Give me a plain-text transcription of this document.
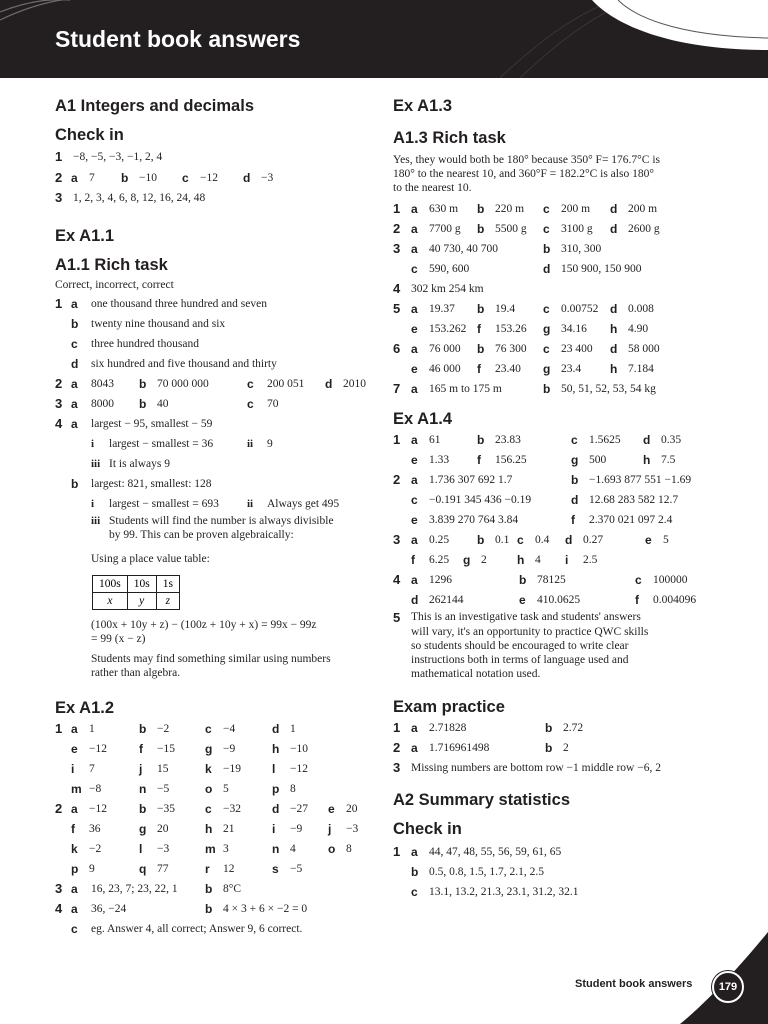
Student book answers
A1 Integers and decimals
Check in
1 −8, −5, −3, −1, 2, 4
2 a 7 b −10 c −12 d −3
3 1, 2, 3, 4, 6, 8, 12, 16, 24, 48
Ex A1.1
A1.1 Rich task
Correct, incorrect, correct
1 a one thousand three hundred and seven
b twenty nine thousand and six
c three hundred thousand
d six hundred and five thousand and thirty
2 a 8043 b 70 000 000	c 200 051 d 2010
3 a 8000 b 40	c 70
4 a largest − 95, smallest − 59
i largest − smallest = 36	ii 9
iii It is always 9
b largest: 821, smallest: 128
i largest − smallest = 693	ii Always get 495
iii Students will find the number is always divisible
by 99. This can be proven algebraically:
Using a place value table:
100s	10s	1s
x	y	z
(100x + 10y + z) − (100z + 10y + x) = 99x − 99z
= 99 (x − z)
Students may find something similar using numbers
rather than algebra.
Ex A1.2
1 a 1	b −2	c −4	d 1
e −12	f −15	g −9	h −10
i 7	j 15	k −19	l −12
m −8	n −5	o 5	p 8
2 a −12	b −35	c −32	d −27 e 20
f 36	g 20	h 21	i −9 j −3
k −2	l −3	m 3	n 4	o 8
p 9	q 77	r 12	s −5
3 a 16, 23, 7; 23, 22, 1 b 8°C
4 a 36, −24	b 4 × 3 + 6 × −2 = 0
c eg. Answer 4, all correct; Answer 9, 6 correct.
Ex A1.3
A1.3 Rich task
Yes, they would both be 180° because 350° F= 176.7°C is
180° to the nearest 10, and 360°F = 182.2°C is also 180°
to the nearest 10.
1 a 630 m b 220 m c 200 m d 200 m
2 a 7700 g b 5500 g c 3100 g d 2600 g
3 a 40 730, 40 700	b 310, 300
c 590, 600	d 150 900, 150 900
4 302 km 254 km
5 a 19.37 b 19.4 c 0.00752 d 0.008
e 153.262 f 153.26 g 34.16 h 4.90
6 a 76 000 b 76 300 c 23 400 d 58 000
e 46 000 f 23.40 g 23.4 h 7.184
7 a 165 m to 175 m	b 50, 51, 52, 53, 54 kg
Ex A1.4
1 a 61	b 23.83	c 1.5625 d 0.35
e 1.33 f 156.25	g 500	h 7.5
2 a 1.736 307 692 1.7	b −1.693 877 551 −1.69
c −0.191 345 436 −0.19	d 12.68 283 582 12.7
e 3.839 270 764 3.84	f 2.370 021 097 2.4
3 a 0.25 b 0.1 c 0.4 d 0.27	e 5
f 6.25 g 2	h 4 i 2.5
4 a 1296	b 78125	c 100000
d 262144	e 410.0625	f 0.004096
5 This is an investigative task and students' answers
will vary, it's an opportunity to practice QWC skills
so students should be encouraged to write clear
instructions both in terms of language used and
mathematical notation used.
Exam practice
1 a 2.71828	b 2.72
2 a 1.716961498	b 2
3 Missing numbers are bottom row −1 middle row −6, 2
A2 Summary statistics
Check in
1 a 44, 47, 48, 55, 56, 59, 61, 65
b 0.5, 0.8, 1.5, 1.7, 2.1, 2.5
c 13.1, 13.2, 21.3, 23.1, 31.2, 32.1
Student book answers	179
